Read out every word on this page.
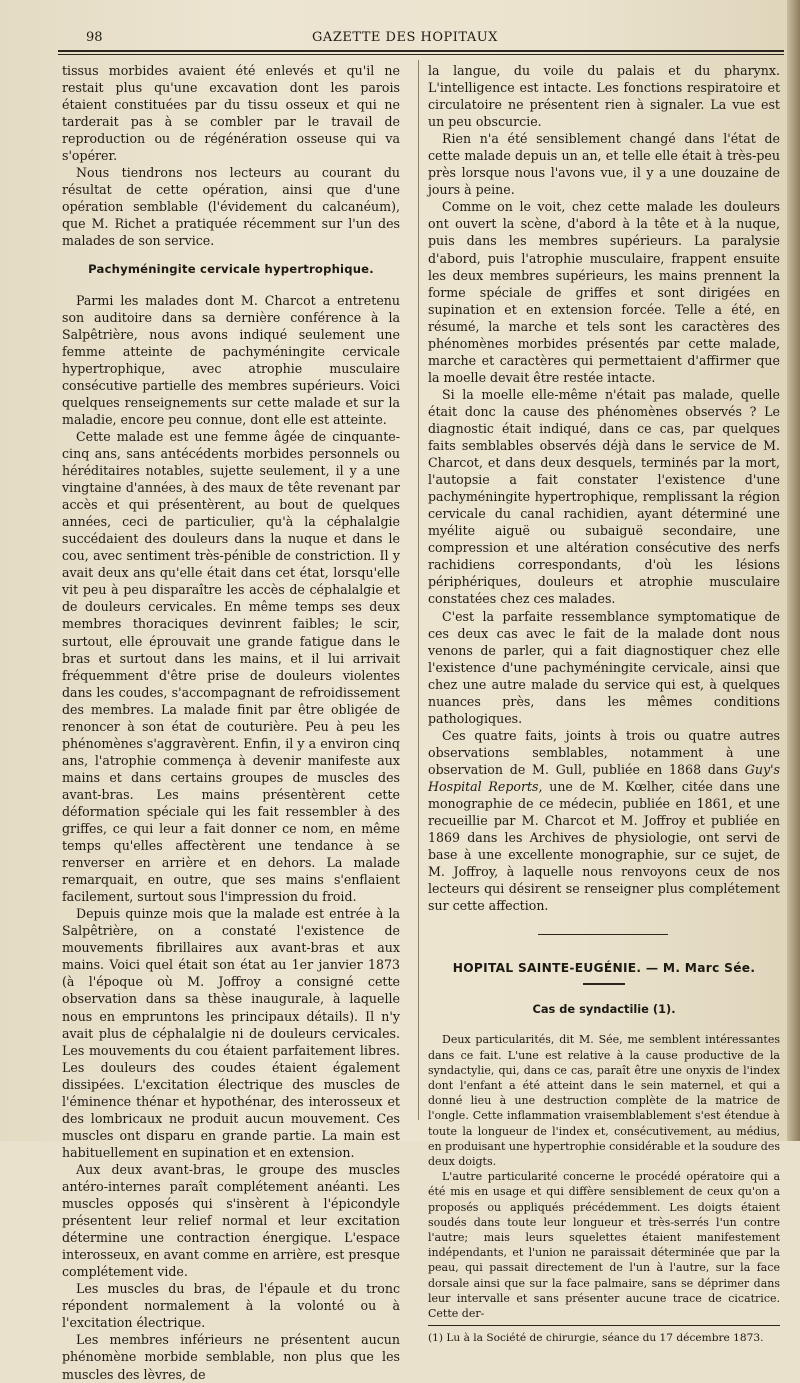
98	GAZETTE DES HOPITAUX

tissus morbides avaient été enlevés et qu'il ne restait plus qu'une excavation dont les parois étaient constituées par du tissu osseux et qui ne tarderait pas à se combler par le travail de reproduction ou de régénération osseuse qui va s'opérer.

Nous tiendrons nos lecteurs au courant du résultat de cette opération, ainsi que d'une opération semblable (l'évidement du calcanéum), que M. Richet a pratiquée récemment sur l'un des malades de son service.

Pachyméningite cervicale hypertrophique.

Parmi les malades dont M. Charcot a entretenu son auditoire dans sa dernière conférence à la Salpêtrière, nous avons indiqué seulement une femme atteinte de pachyméningite cervicale hypertrophique, avec atrophie musculaire consécutive partielle des membres supérieurs. Voici quelques renseignements sur cette malade et sur la maladie, encore peu connue, dont elle est atteinte.

Cette malade est une femme âgée de cinquante-cinq ans, sans antécédents morbides personnels ou héréditaires notables, sujette seulement, il y a une vingtaine d'années, à des maux de tête revenant par accès et qui présentèrent, au bout de quelques années, ceci de particulier, qu'à la céphalalgie succédaient des douleurs dans la nuque et dans le cou, avec sentiment très-pénible de constriction. Il y avait deux ans qu'elle était dans cet état, lorsqu'elle vit peu à peu disparaître les accès de céphalalgie et de douleurs cervicales. En même temps ses deux membres thoraciques devinrent faibles; le scir, surtout, elle éprouvait une grande fatigue dans le bras et surtout dans les mains, et il lui arrivait fréquemment d'être prise de douleurs violentes dans les coudes, s'accompagnant de refroidissement des membres. La malade finit par être obligée de renoncer à son état de couturière. Peu à peu les phénomènes s'aggravèrent. Enfin, il y a environ cinq ans, l'atrophie commença à devenir manifeste aux mains et dans certains groupes de muscles des avant-bras. Les mains présentèrent cette déformation spéciale qui les fait ressembler à des griffes, ce qui leur a fait donner ce nom, en même temps qu'elles affectèrent une tendance à se renverser en arrière et en dehors. La malade remarquait, en outre, que ses mains s'enflaient facilement, surtout sous l'impression du froid.

Depuis quinze mois que la malade est entrée à la Salpêtrière, on a constaté l'existence de mouvements fibrillaires aux avant-bras et aux mains. Voici quel était son état au 1er janvier 1873 (à l'époque où M. Joffroy a consigné cette observation dans sa thèse inaugurale, à laquelle nous en empruntons les principaux détails). Il n'y avait plus de céphalalgie ni de douleurs cervicales. Les mouvements du cou étaient parfaitement libres. Les douleurs des coudes étaient également dissipées. L'excitation électrique des muscles de l'éminence thénar et hypothénar, des interosseux et des lombricaux ne produit aucun mouvement. Ces muscles ont disparu en grande partie. La main est habituellement en supination et en extension.

Aux deux avant-bras, le groupe des muscles antéro-internes paraît complétement anéanti. Les muscles opposés qui s'insèrent à l'épicondyle présentent leur relief normal et leur excitation détermine une contraction énergique. L'espace interosseux, en avant comme en arrière, est presque complétement vide.

Les muscles du bras, de l'épaule et du tronc répondent normalement à la volonté ou à l'excitation électrique.

Les membres inférieurs ne présentent aucun phénomène morbide semblable, non plus que les muscles des lèvres, de

la langue, du voile du palais et du pharynx. L'intelligence est intacte. Les fonctions respiratoire et circulatoire ne présentent rien à signaler. La vue est un peu obscurcie.

Rien n'a été sensiblement changé dans l'état de cette malade depuis un an, et telle elle était à très-peu près lorsque nous l'avons vue, il y a une douzaine de jours à peine.

Comme on le voit, chez cette malade les douleurs ont ouvert la scène, d'abord à la tête et à la nuque, puis dans les membres supérieurs. La paralysie d'abord, puis l'atrophie musculaire, frappent ensuite les deux membres supérieurs, les mains prennent la forme spéciale de griffes et sont dirigées en supination et en extension forcée. Telle a été, en résumé, la marche et tels sont les caractères des phénomènes morbides présentés par cette malade, marche et caractères qui permettaient d'affirmer que la moelle devait être restée intacte.

Si la moelle elle-même n'était pas malade, quelle était donc la cause des phénomènes observés ? Le diagnostic était indiqué, dans ce cas, par quelques faits semblables observés déjà dans le service de M. Charcot, et dans deux desquels, terminés par la mort, l'autopsie a fait constater l'existence d'une pachyméningite hypertrophique, remplissant la région cervicale du canal rachidien, ayant déterminé une myélite aiguë ou subaiguë secondaire, une compression et une altération consécutive des nerfs rachidiens correspondants, d'où les lésions périphériques, douleurs et atrophie musculaire constatées chez ces malades.

C'est la parfaite ressemblance symptomatique de ces deux cas avec le fait de la malade dont nous venons de parler, qui a fait diagnostiquer chez elle l'existence d'une pachyméningite cervicale, ainsi que chez une autre malade du service qui est, à quelques nuances près, dans les mêmes conditions pathologiques.

Ces quatre faits, joints à trois ou quatre autres observations semblables, notamment à une observation de M. Gull, publiée en 1868 dans Guy's Hospital Reports, une de M. Kœlher, citée dans une monographie de ce médecin, publiée en 1861, et une recueillie par M. Charcot et M. Joffroy et publiée en 1869 dans les Archives de physiologie, ont servi de base à une excellente monographie, sur ce sujet, de M. Joffroy, à laquelle nous renvoyons ceux de nos lecteurs qui désirent se renseigner plus complétement sur cette affection.

HOPITAL SAINTE-EUGÉNIE. — M. Marc Sée.
Cas de syndactilie (1).

Deux particularités, dit M. Sée, me semblent intéressantes dans ce fait. L'une est relative à la cause productive de la syndactylie, qui, dans ce cas, paraît être une onyxis de l'index dont l'enfant a été atteint dans le sein maternel, et qui a donné lieu à une destruction complète de la matrice de l'ongle. Cette inflammation vraisemblablement s'est étendue à toute la longueur de l'index et, consécutivement, au médius, en produisant une hypertrophie considérable et la soudure des deux doigts.

L'autre particularité concerne le procédé opératoire qui a été mis en usage et qui diffère sensiblement de ceux qu'on a proposés ou appliqués précédemment. Les doigts étaient soudés dans toute leur longueur et très-serrés l'un contre l'autre; mais leurs squelettes étaient manifestement indépendants, et l'union ne paraissait déterminée que par la peau, qui passait directement de l'un à l'autre, sur la face dorsale ainsi que sur la face palmaire, sans se déprimer dans leur intervalle et sans présenter aucune trace de cicatrice. Cette der-

(1) Lu à la Société de chirurgie, séance du 17 décembre 1873.
